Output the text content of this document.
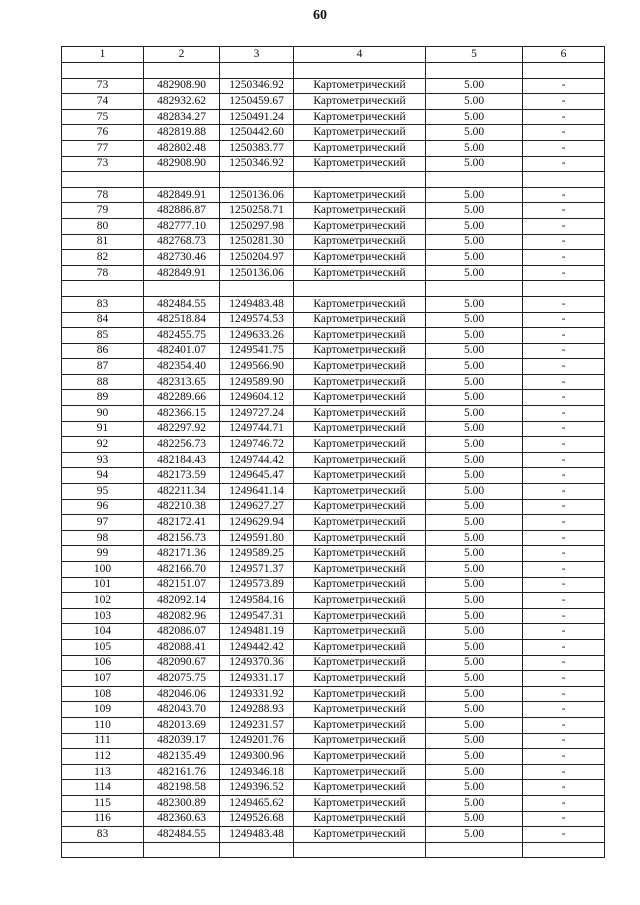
60
1	2	3	4	5	6

73	482908.90	1250346.92	Картометрический	5.00	-
74	482932.62	1250459.67	Картометрический	5.00	-
75	482834.27	1250491.24	Картометрический	5.00	-
76	482819.88	1250442.60	Картометрический	5.00	-
77	482802.48	1250383.77	Картометрический	5.00	-
73	482908.90	1250346.92	Картометрический	5.00	-

78	482849.91	1250136.06	Картометрический	5.00	-
79	482886.87	1250258.71	Картометрический	5.00	-
80	482777.10	1250297.98	Картометрический	5.00	-
81	482768.73	1250281.30	Картометрический	5.00	-
82	482730.46	1250204.97	Картометрический	5.00	-
78	482849.91	1250136.06	Картометрический	5.00	-

83	482484.55	1249483.48	Картометрический	5.00	-
84	482518.84	1249574.53	Картометрический	5.00	-
85	482455.75	1249633.26	Картометрический	5.00	-
86	482401.07	1249541.75	Картометрический	5.00	-
87	482354.40	1249566.90	Картометрический	5.00	-
88	482313.65	1249589.90	Картометрический	5.00	-
89	482289.66	1249604.12	Картометрический	5.00	-
90	482366.15	1249727.24	Картометрический	5.00	-
91	482297.92	1249744.71	Картометрический	5.00	-
92	482256.73	1249746.72	Картометрический	5.00	-
93	482184.43	1249744.42	Картометрический	5.00	-
94	482173.59	1249645.47	Картометрический	5.00	-
95	482211.34	1249641.14	Картометрический	5.00	-
96	482210.38	1249627.27	Картометрический	5.00	-
97	482172.41	1249629.94	Картометрический	5.00	-
98	482156.73	1249591.80	Картометрический	5.00	-
99	482171.36	1249589.25	Картометрический	5.00	-
100	482166.70	1249571.37	Картометрический	5.00	-
101	482151.07	1249573.89	Картометрический	5.00	-
102	482092.14	1249584.16	Картометрический	5.00	-
103	482082.96	1249547.31	Картометрический	5.00	-
104	482086.07	1249481.19	Картометрический	5.00	-
105	482088.41	1249442.42	Картометрический	5.00	-
106	482090.67	1249370.36	Картометрический	5.00	-
107	482075.75	1249331.17	Картометрический	5.00	-
108	482046.06	1249331.92	Картометрический	5.00	-
109	482043.70	1249288.93	Картометрический	5.00	-
110	482013.69	1249231.57	Картометрический	5.00	-
111	482039.17	1249201.76	Картометрический	5.00	-
112	482135.49	1249300.96	Картометрический	5.00	-
113	482161.76	1249346.18	Картометрический	5.00	-
114	482198.58	1249396.52	Картометрический	5.00	-
115	482300.89	1249465.62	Картометрический	5.00	-
116	482360.63	1249526.68	Картометрический	5.00	-
83	482484.55	1249483.48	Картометрический	5.00	-
